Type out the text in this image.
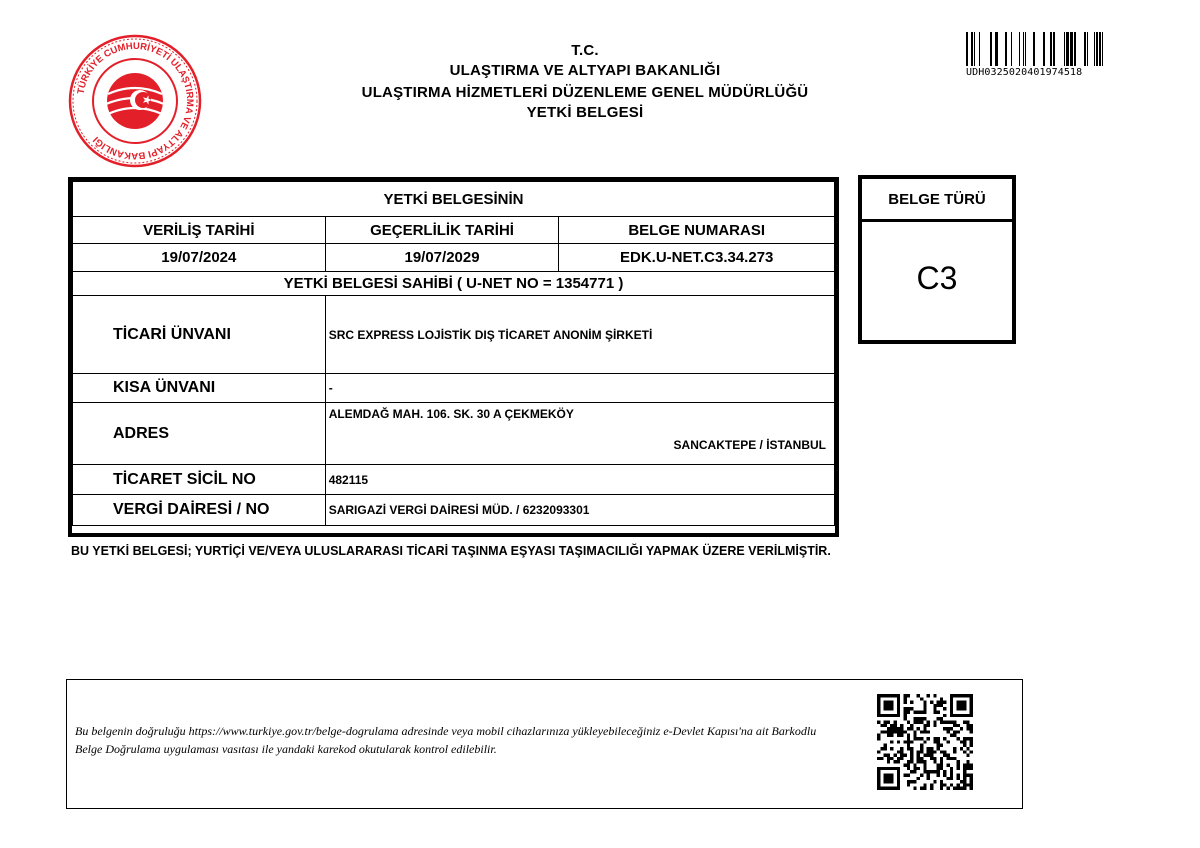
TÜRKİYE CUMHURİYETİ ULAŞTIRMA VE ALTYAPI BAKANLIĞI
T.C.
ULAŞTIRMA VE ALTYAPI BAKANLIĞI
ULAŞTIRMA HİZMETLERİ DÜZENLEME GENEL MÜDÜRLÜĞÜ
YETKİ BELGESİ
UDH0325020401974518
YETKİ BELGESİNİN		
VERİLİŞ TARİHİ	GEÇERLİLİK TARİHİ	BELGE NUMARASI
19/07/2024	19/07/2029	EDK.U-NET.C3.34.273
YETKİ BELGESİ SAHİBİ ( U-NET NO = 1354771 )		
TİCARİ ÜNVANI	SRC EXPRESS LOJİSTİK DIŞ TİCARET ANONİM ŞİRKETİ	
KISA ÜNVANI	-	
ADRES	ALEMDAĞ MAH. 106. SK. 30 A ÇEKMEKÖY
SANCAKTEPE / İSTANBUL	

TİCARET SİCİL NO	482115	
VERGİ DAİRESİ / NO	SARIGAZİ VERGİ DAİRESİ MÜD. / 6232093301	
BELGE TÜRÜ
C3
BU YETKİ BELGESİ; YURTİÇİ VE/VEYA ULUSLARARASI TİCARİ TAŞINMA EŞYASI TAŞIMACILIĞI YAPMAK ÜZERE VERİLMİŞTİR.
Bu belgenin doğruluğu https://www.turkiye.gov.tr/belge-dogrulama adresinde veya mobil cihazlarınıza yükleyebileceğiniz e-Devlet Kapısı'na ait Barkodlu Belge Doğrulama uygulaması vasıtası ile yandaki karekod okutularak kontrol edilebilir.
